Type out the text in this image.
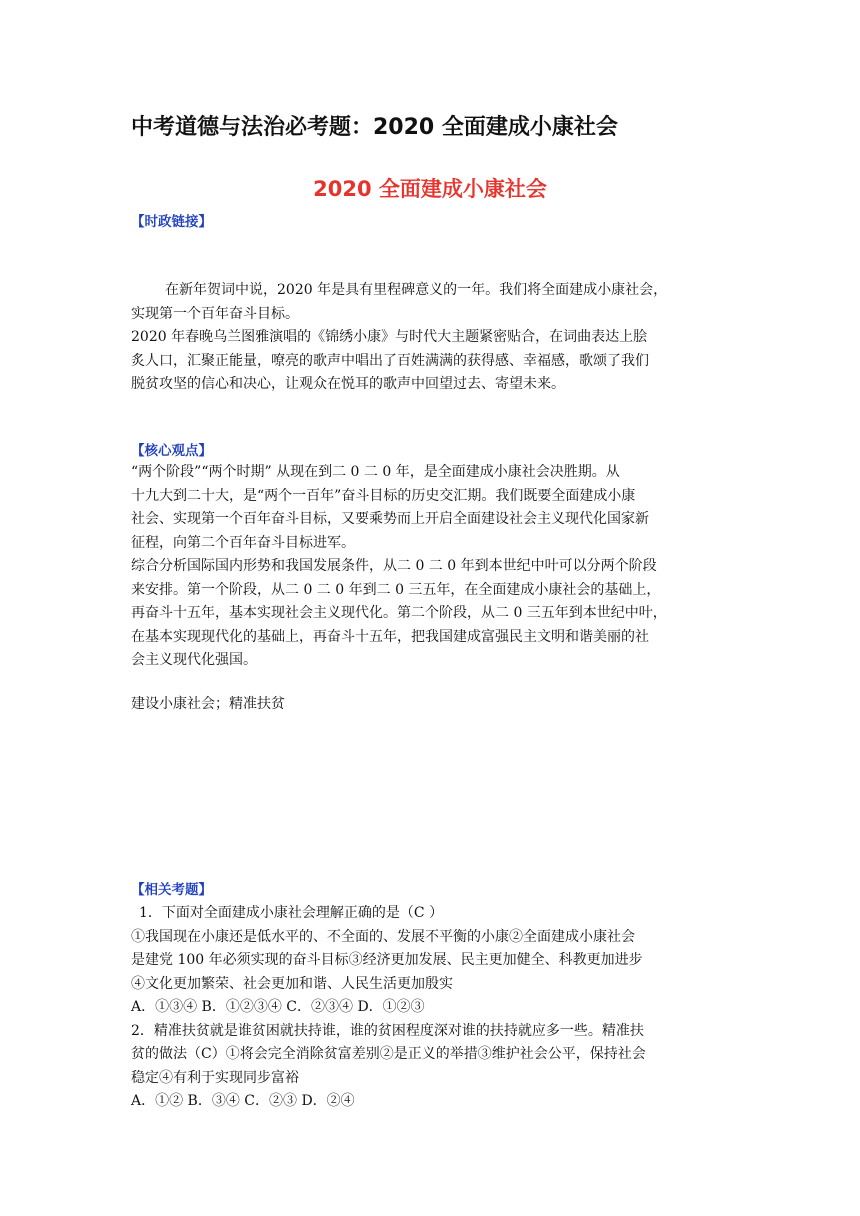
中考道德与法治必考题：2020 全面建成小康社会
2020 全面建成小康社会
【时政链接】

在新年贺词中说，2020 年是具有里程碑意义的一年。我们将全面建成小康社会，

实现第一个百年奋斗目标。

2020 年春晚乌兰图雅演唱的《锦绣小康》与时代大主题紧密贴合，在词曲表达上脍

炙人口，汇聚正能量，嘹亮的歌声中唱出了百姓满满的获得感、幸福感，歌颂了我们

脱贫攻坚的信心和决心，让观众在悦耳的歌声中回望过去、寄望未来。

【核心观点】

“两个阶段”“两个时期” 从现在到二 0 二 0 年，是全面建成小康社会决胜期。从

十九大到二十大，是“两个一百年”奋斗目标的历史交汇期。我们既要全面建成小康

社会、实现第一个百年奋斗目标，又要乘势而上开启全面建设社会主义现代化国家新

征程，向第二个百年奋斗目标进军。

综合分析国际国内形势和我国发展条件，从二 0 二 0 年到本世纪中叶可以分两个阶段

来安排。第一个阶段，从二 0 二 0 年到二 0 三五年，在全面建成小康社会的基础上，

再奋斗十五年，基本实现社会主义现代化。第二个阶段，从二 0 三五年到本世纪中叶，

在基本实现现代化的基础上，再奋斗十五年，把我国建成富强民主文明和谐美丽的社

会主义现代化强国。

建设小康社会；精准扶贫
【相关考题】

1．下面对全面建成小康社会理解正确的是（C ）

①我国现在小康还是低水平的、不全面的、发展不平衡的小康②全面建成小康社会

是建党 100 年必须实现的奋斗目标③经济更加发展、民主更加健全、科教更加进步

④文化更加繁荣、社会更加和谐、人民生活更加殷实

A．①③④ B．①②③④ C．②③④ D．①②③

2．精准扶贫就是谁贫困就扶持谁，谁的贫困程度深对谁的扶持就应多一些。精准扶

贫的做法（C）①将会完全消除贫富差别②是正义的举措③维护社会公平，保持社会

稳定④有利于实现同步富裕

A．①② B．③④ C．②③ D．②④
